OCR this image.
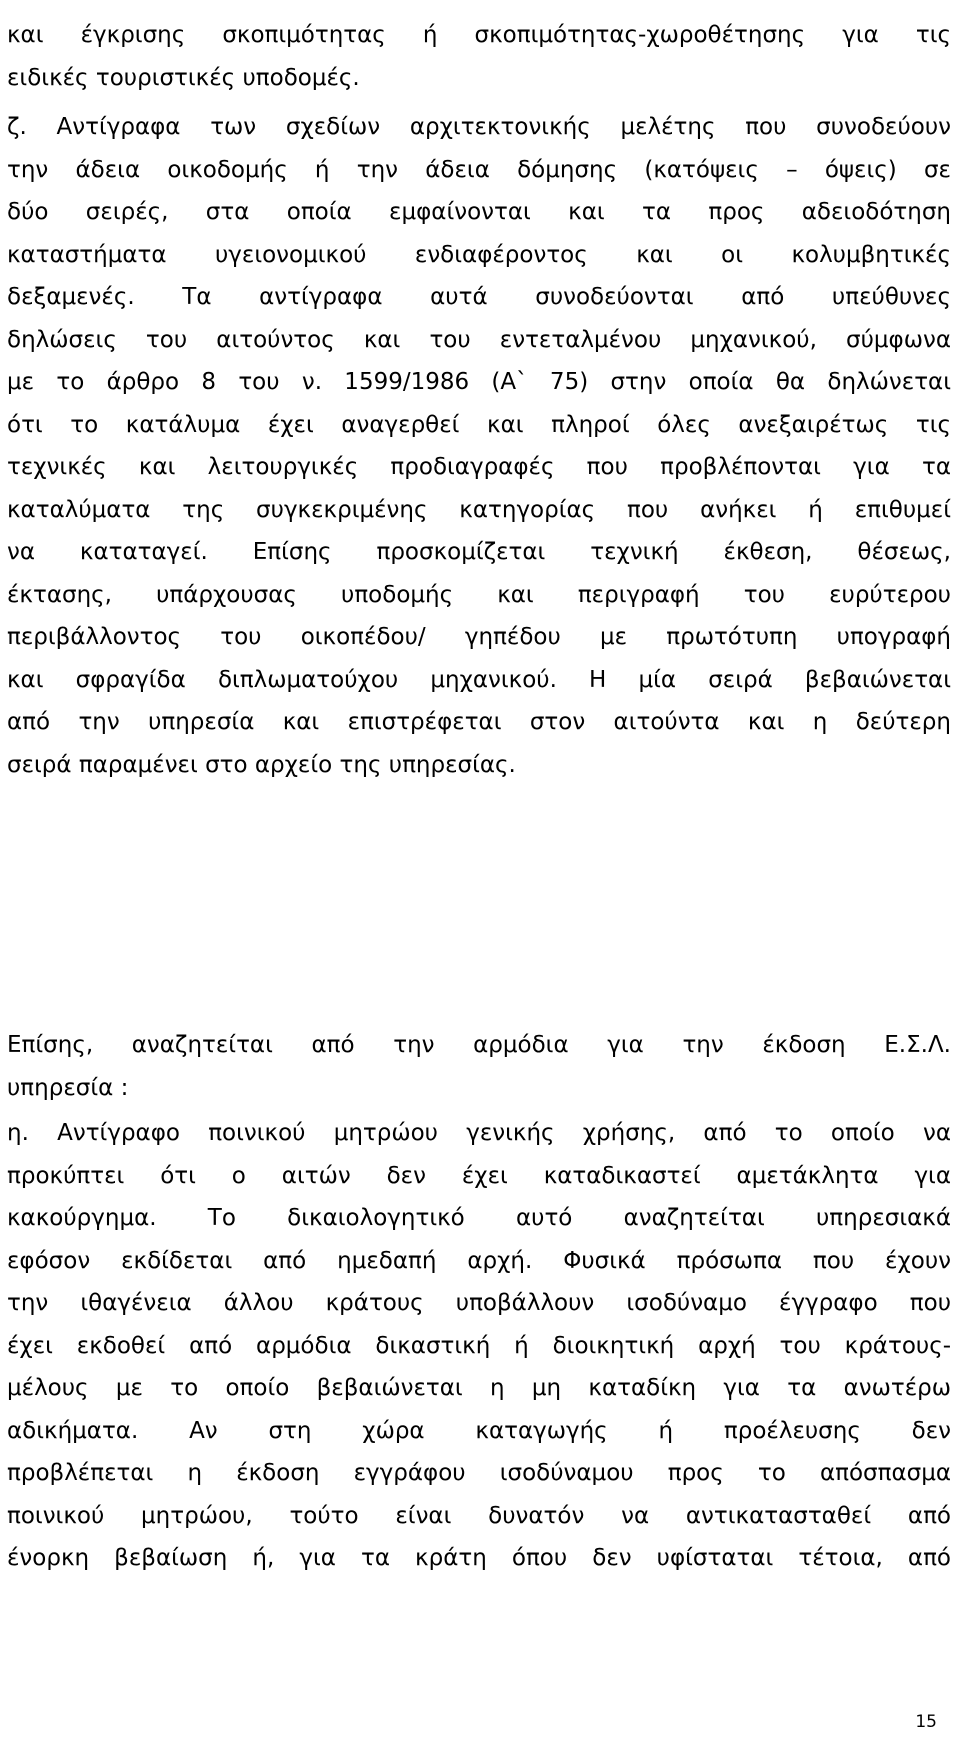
και έγκρισης σκοπιμότητας ή σκοπιμότητας-χωροθέτησης για τις
ειδικές τουριστικές υποδομές.
ζ. Αντίγραφα των σχεδίων αρχιτεκτονικής μελέτης που συνοδεύουν
την άδεια οικοδομής ή την άδεια δόμησης (κατόψεις – όψεις) σε
δύο σειρές, στα οποία εμφαίνονται και τα προς αδειοδότηση
καταστήματα υγειονομικού ενδιαφέροντος και οι κολυμβητικές
δεξαμενές. Τα αντίγραφα αυτά συνοδεύονται από υπεύθυνες
δηλώσεις του αιτούντος και του εντεταλμένου μηχανικού, σύμφωνα
με το άρθρο 8 του ν. 1599/1986 (Α` 75) στην οποία θα δηλώνεται
ότι το κατάλυμα έχει αναγερθεί και πληροί όλες ανεξαιρέτως τις
τεχνικές και λειτουργικές προδιαγραφές που προβλέπονται για τα
καταλύματα της συγκεκριμένης κατηγορίας που ανήκει ή επιθυμεί
να καταταγεί. Επίσης προσκομίζεται τεχνική έκθεση, θέσεως,
έκτασης, υπάρχουσας υποδομής και περιγραφή του ευρύτερου
περιβάλλοντος του οικοπέδου/ γηπέδου με πρωτότυπη υπογραφή
και σφραγίδα διπλωματούχου μηχανικού. Η μία σειρά βεβαιώνεται
από την υπηρεσία και επιστρέφεται στον αιτούντα και η δεύτερη
σειρά παραμένει στο αρχείο της υπηρεσίας.
Επίσης, αναζητείται από την αρμόδια για την έκδοση Ε.Σ.Λ.
υπηρεσία :
η. Αντίγραφο ποινικού μητρώου γενικής χρήσης, από το οποίο να
προκύπτει ότι ο αιτών δεν έχει καταδικαστεί αμετάκλητα για
κακούργημα. Το δικαιολογητικό αυτό αναζητείται υπηρεσιακά
εφόσον εκδίδεται από ημεδαπή αρχή. Φυσικά πρόσωπα που έχουν
την ιθαγένεια άλλου κράτους υποβάλλουν ισοδύναμο έγγραφο που
έχει εκδοθεί από αρμόδια δικαστική ή διοικητική αρχή του κράτους-
μέλους με το οποίο βεβαιώνεται η μη καταδίκη για τα ανωτέρω
αδικήματα. Αν στη χώρα καταγωγής ή προέλευσης δεν
προβλέπεται η έκδοση εγγράφου ισοδύναμου προς το απόσπασμα
ποινικού μητρώου, τούτο είναι δυνατόν να αντικατασταθεί από
ένορκη βεβαίωση ή, για τα κράτη όπου δεν υφίσταται τέτοια, από
15
